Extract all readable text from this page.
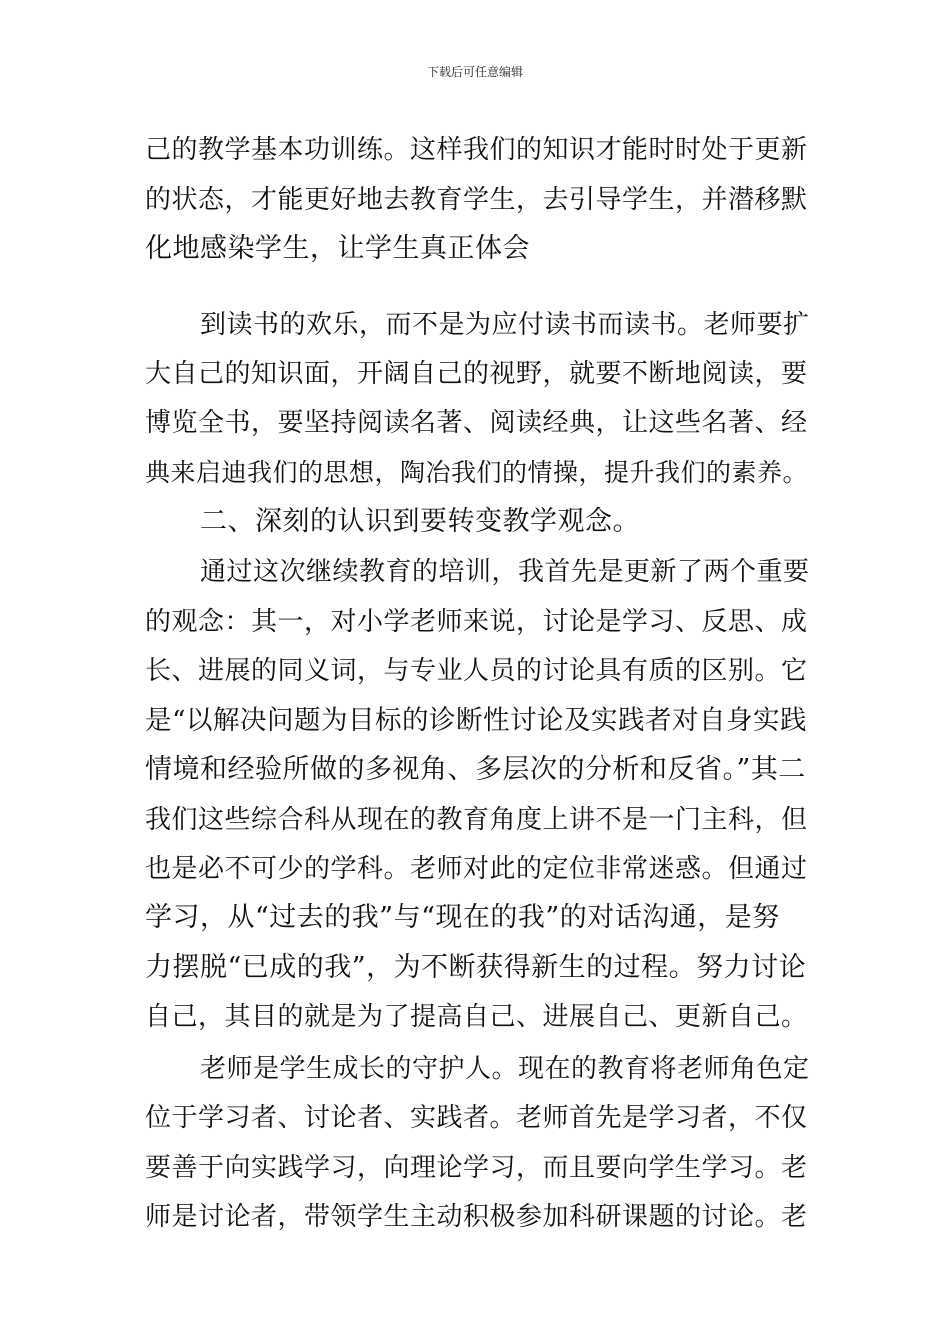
下载后可任意编辑
己的教学基本功训练。这样我们的知识才能时时处于更新
的状态，才能更好地去教育学生，去引导学生，并潜移默
化地感染学生，让学生真正体会
到读书的欢乐，而不是为应付读书而读书。老师要扩
大自己的知识面，开阔自己的视野，就要不断地阅读，要
博览全书，要坚持阅读名著、阅读经典，让这些名著、经
典来启迪我们的思想，陶冶我们的情操，提升我们的素养。
二、深刻的认识到要转变教学观念。
通过这次继续教育的培训，我首先是更新了两个重要
的观念：其一，对小学老师来说，讨论是学习、反思、成
长、进展的同义词，与专业人员的讨论具有质的区别。它
是“以解决问题为目标的诊断性讨论及实践者对自身实践
情境和经验所做的多视角、多层次的分析和反省。”其二
我们这些综合科从现在的教育角度上讲不是一门主科，但
也是必不可少的学科。老师对此的定位非常迷惑。但通过
学习，从“过去的我”与“现在的我”的对话沟通，是努
力摆脱“已成的我”，为不断获得新生的过程。努力讨论
自己，其目的就是为了提高自己、进展自己、更新自己。
老师是学生成长的守护人。现在的教育将老师角色定
位于学习者、讨论者、实践者。老师首先是学习者，不仅
要善于向实践学习，向理论学习，而且要向学生学习。老
师是讨论者，带领学生主动积极参加科研课题的讨论。老
